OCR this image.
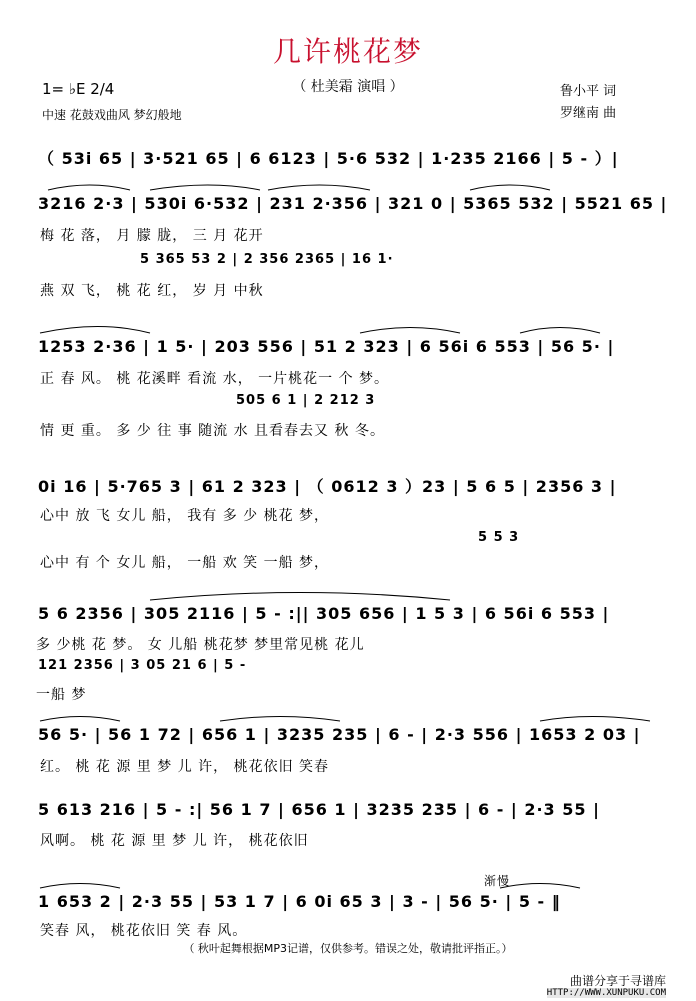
几许桃花梦
（ 杜美霜 演唱 ）
1= ♭E 2/4
中速 花鼓戏曲风 梦幻般地
鲁小平 词
罗继南 曲
（ 53i 65 | 3·521 65 | 6 6123 | 5·6 532 | 1·235 2166 | 5 - ）|
3216 2·3 | 530i 6·532 | 231 2·356 | 321 0 | 5365 532 | 5521 65 |
梅 花 落， 月 朦 胧， 三 月 花开
5 365 53 2 | 2 356 2365 | 16 1·
燕 双 飞， 桃 花 红， 岁 月 中秋
1253 2·36 | 1 5· | 203 556 | 51 2 323 | 6 56i 6 553 | 56 5· |
正 春 风。 桃 花溪畔 看流 水， 一片桃花一 个 梦。
505 6 1 | 2 212 3
情 更 重。 多 少 往 事 随流 水 且看春去又 秋 冬。
0i 16 | 5·765 3 | 61 2 323 | （ 0612 3 ）23 | 5 6 5 | 2356 3 |
心中 放 飞 女儿 船， 我有 多 少 桃花 梦，
5 5 3
心中 有 个 女儿 船， 一船 欢 笑 一船 梦，
5 6 2356 | 305 2116 | 5 - :|| 305 656 | 1 5 3 | 6 56i 6 553 |
多 少桃 花 梦。 女 儿船 桃花梦 梦里常见桃 花儿
121 2356 | 3 05 21 6 | 5 -
一船 梦
56 5· | 56 1 72 | 656 1 | 3235 235 | 6 - | 2·3 556 | 1653 2 03 |
红。 桃 花 源 里 梦 儿 许， 桃花依旧 笑春
5 613 216 | 5 - :| 56 1 7 | 656 1 | 3235 235 | 6 - | 2·3 55 |
风啊。 桃 花 源 里 梦 儿 许， 桃花依旧
渐慢
1 653 2 | 2·3 55 | 53 1 7 | 6 0i 65 3 | 3 - | 56 5· | 5 - ‖
笑春 风， 桃花依旧 笑 春 风。
（ 秋叶起舞根据MP3记谱，仅供参考。错误之处，敬请批评指正。）
曲谱分享于寻谱库
HTTP://WWW.XUNPUKU.COM
